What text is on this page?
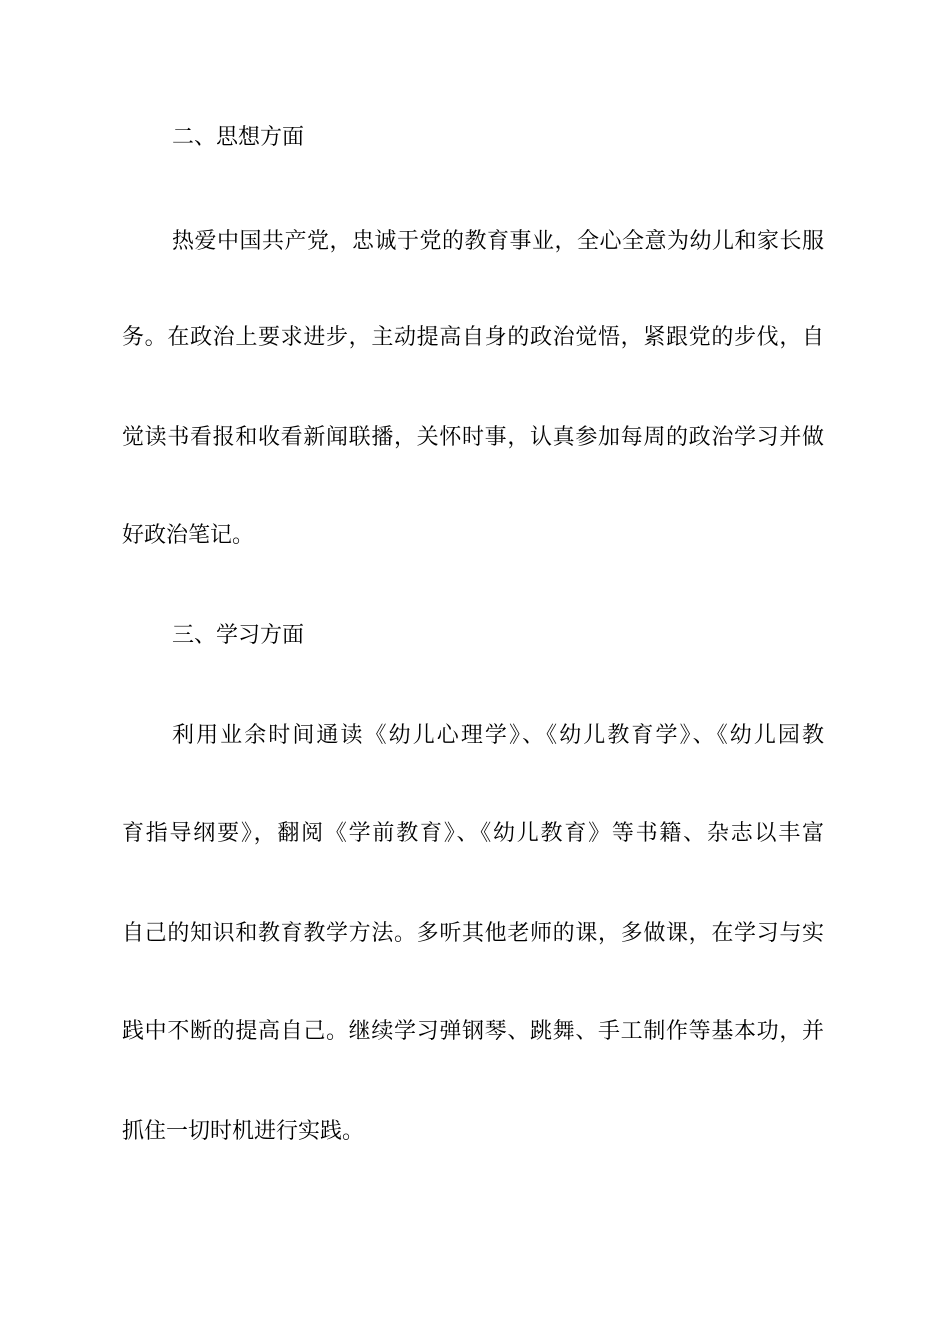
二、思想方面
热爱中国共产党，忠诚于党的教育事业，全心全意为幼儿和家长服
务。在政治上要求进步，主动提高自身的政治觉悟，紧跟党的步伐，自
觉读书看报和收看新闻联播，关怀时事，认真参加每周的政治学习并做
好政治笔记。
三、学习方面
利用业余时间通读《幼儿心理学》、《幼儿教育学》、《幼儿园教
育指导纲要》，翻阅《学前教育》、《幼儿教育》等书籍、杂志以丰富
自己的知识和教育教学方法。多听其他老师的课，多做课，在学习与实
践中不断的提高自己。继续学习弹钢琴、跳舞、手工制作等基本功，并
抓住一切时机进行实践。
